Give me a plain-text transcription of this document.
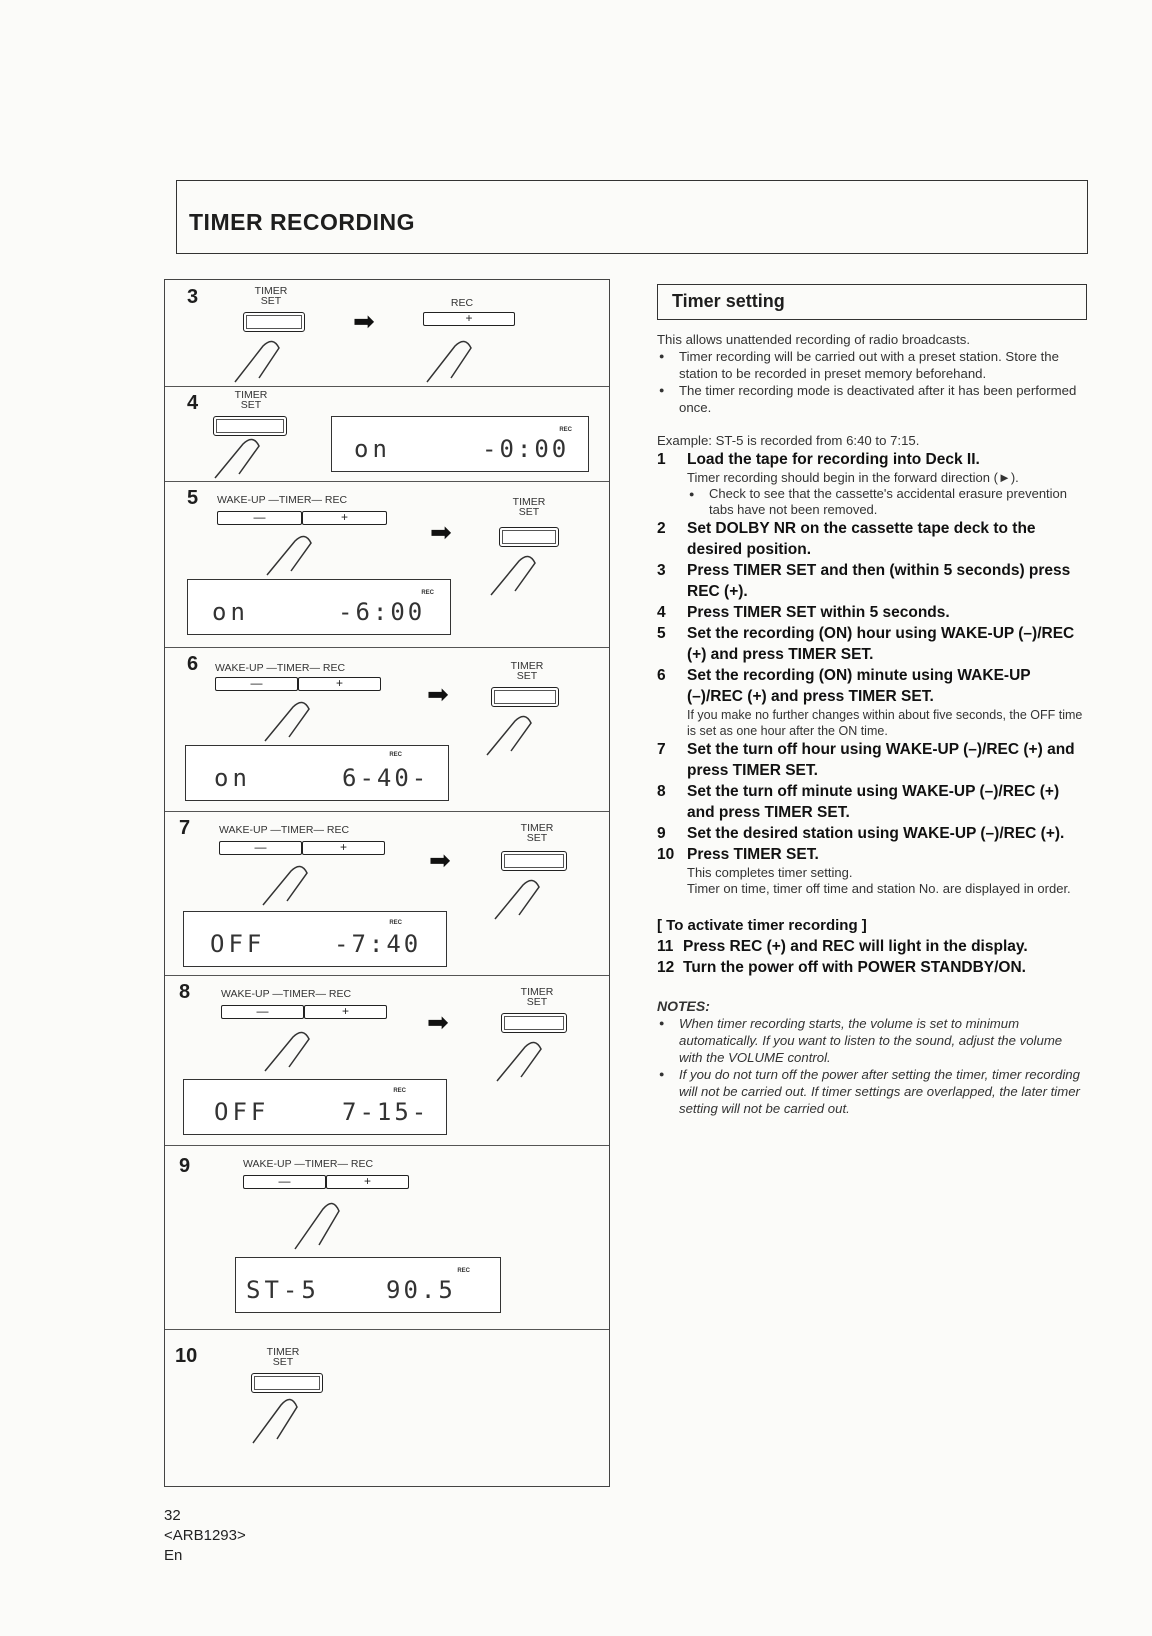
TIMER RECORDING
3	TIMER
SET
➡
REC
+
4	TIMER
SET
REC
on	-0:00
5 WAKE-UP —TIMER— REC
—	+	➡
TIMER
SET
REC
on	-6:00
6 WAKE-UP —TIMER— REC
—	+	➡
TIMER
SET
REC
on	6-40-
7	WAKE-UP —TIMER— REC
—	+	➡
TIMER
SET
REC
OFF	-7:40
8	WAKE-UP —TIMER— REC
—	+	➡
TIMER
SET
REC
OFF	7-15-
9	WAKE-UP —TIMER— REC
—	+
REC
ST-5	90.5
10	TIMER
SET
Timer setting

This allows unattended recording of radio broadcasts.

● Timer recording will be carried out with a preset station. Store the station to be recorded in preset memory beforehand.

● The timer recording mode is deactivated after it has been performed once.

Example: ST-5 is recorded from 6:40 to 7:15.

1 Load the tape for recording into Deck II.

Timer recording should begin in the forward direction (►).

● Check to see that the cassette's accidental erasure prevention tabs have not been removed.

2 Set DOLBY NR on the cassette tape deck to the desired position.
3 Press TIMER SET and then (within 5 seconds) press REC (+).
4 Press TIMER SET within 5 seconds.
5 Set the recording (ON) hour using WAKE-UP (–)/REC (+) and press TIMER SET.
6 Set the recording (ON) minute using WAKE-UP (–)/REC (+) and press TIMER SET.

If you make no further changes within about five seconds, the OFF time is set as one hour after the ON time.

7 Set the turn off hour using WAKE-UP (–)/REC (+) and press TIMER SET.
8 Set the turn off minute using WAKE-UP (–)/REC (+) and press TIMER SET.
9 Set the desired station using WAKE-UP (–)/REC (+).
10 Press TIMER SET.

This completes timer setting.

Timer on time, timer off time and station No. are displayed in order.

[ To activate timer recording ]

11 Press REC (+) and REC will light in the display.
12 Turn the power off with POWER STANDBY/ON.

NOTES:

● When timer recording starts, the volume is set to minimum automatically. If you want to listen to the sound, adjust the volume with the VOLUME control.

● If you do not turn off the power after setting the timer, timer recording will not be carried out. If timer settings are overlapped, the later timer setting will not be carried out.

32
<ARB1293>
En
